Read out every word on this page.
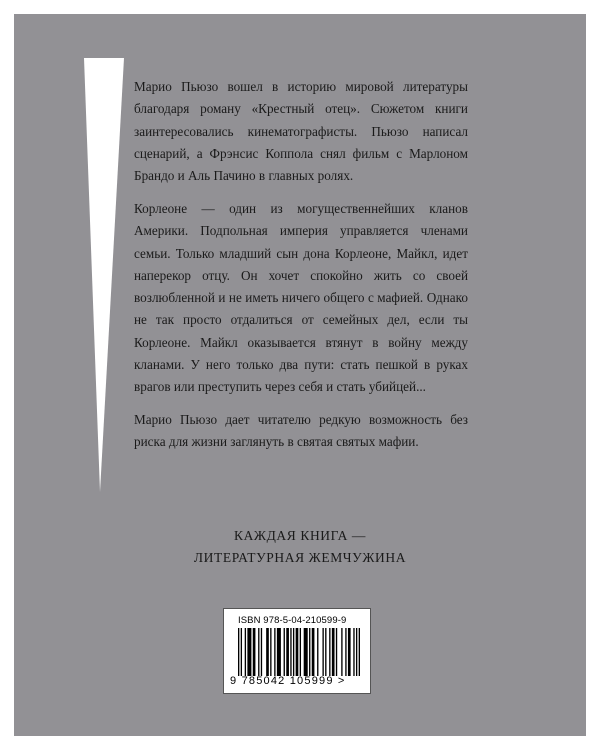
Марио Пьюзо вошел в историю мировой литературы благодаря роману «Крестный отец». Сюжетом книги заинтересовались кинематографисты. Пьюзо написал сценарий, а Фрэнсис Коппола снял фильм с Марлоном Брандо и Аль Пачино в главных ролях.

Корлеоне — один из могущественнейших кланов Америки. Подпольная империя управляется членами семьи. Только младший сын дона Корлеоне, Майкл, идет наперекор отцу. Он хочет спокойно жить со своей возлюбленной и не иметь ничего общего с мафией. Однако не так просто отдалиться от семейных дел, если ты Корлеоне. Майкл оказывается втянут в войну между кланами. У него только два пути: стать пешкой в руках врагов или преступить через себя и стать убийцей...

Марио Пьюзо дает читателю редкую возможность без риска для жизни заглянуть в святая святых мафии.

КАЖДАЯ КНИГА —
ЛИТЕРАТУРНАЯ ЖЕМЧУЖИНА
ISBN 978-5-04-210599-9
9 785042 105999 >
